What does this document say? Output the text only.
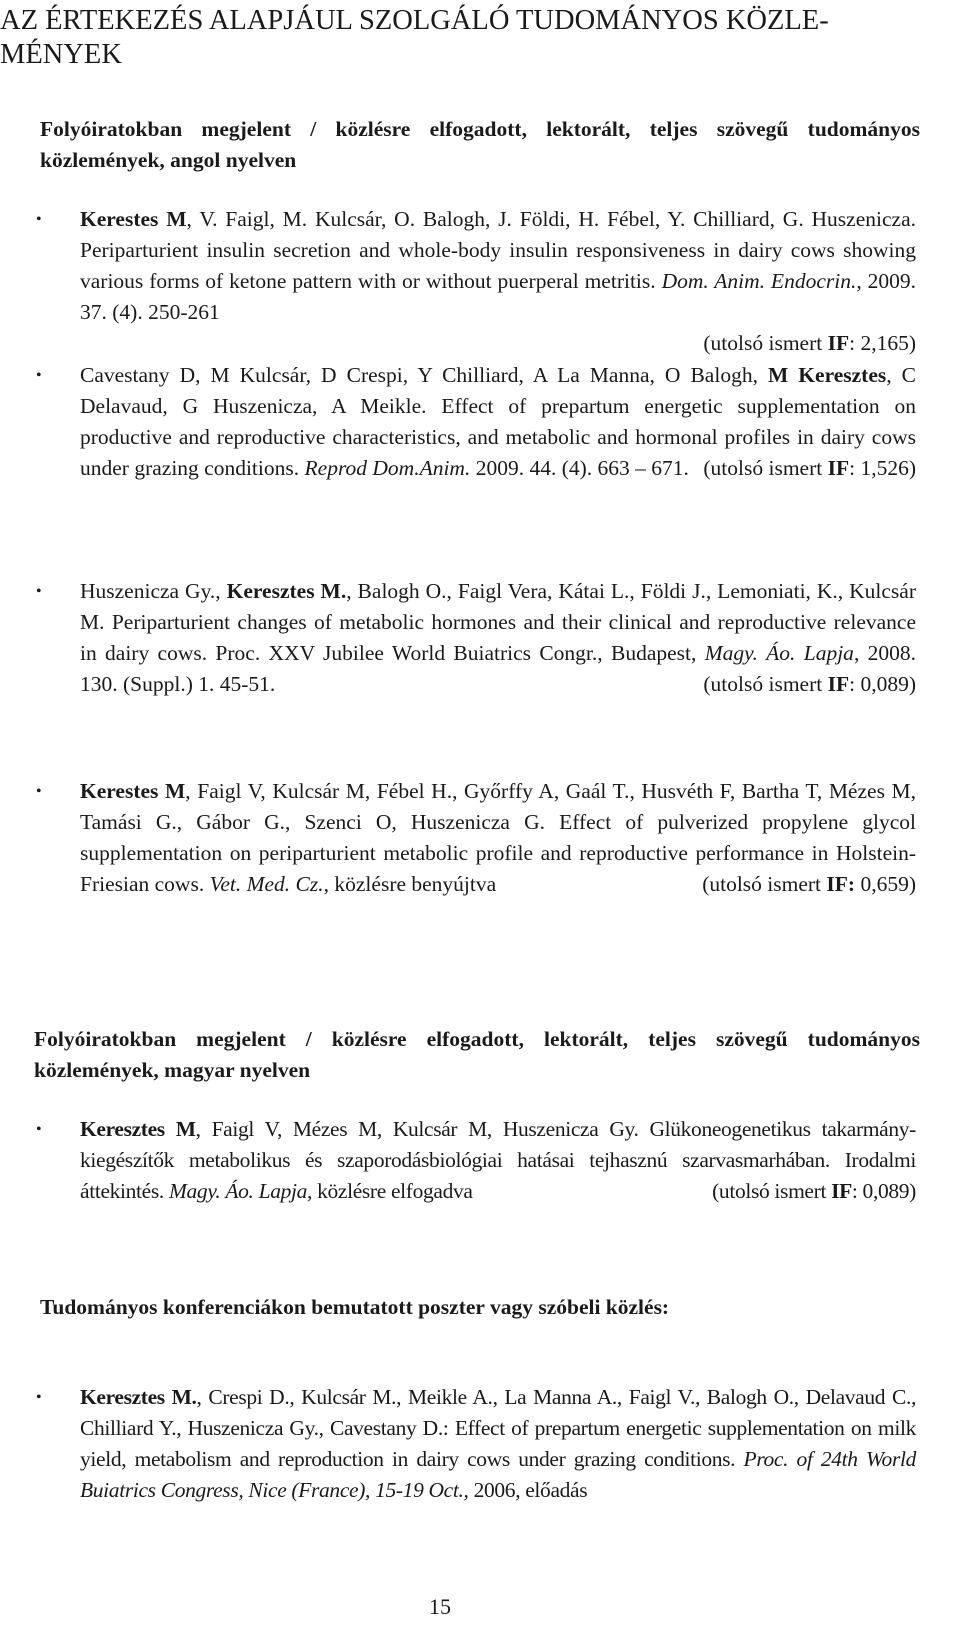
AZ ÉRTEKEZÉS ALAPJÁUL SZOLGÁLÓ TUDOMÁNYOS KÖZLE-MÉNYEK
Folyóiratokban megjelent / közlésre elfogadott, lektorált, teljes szövegű tudományos közlemények, angol nyelven
• Kerestes M, V. Faigl, M. Kulcsár, O. Balogh, J. Földi, H. Fébel, Y. Chilliard, G. Huszenicza. Periparturient insulin secretion and whole-body insulin responsiveness in dairy cows showing various forms of ketone pattern with or without puerperal metritis. Dom. Anim. Endocrin., 2009. 37. (4). 250-261
(utolsó ismert IF: 2,165)
• Cavestany D, M Kulcsár, D Crespi, Y Chilliard, A La Manna, O Balogh, M Keresztes, C Delavaud, G Huszenicza, A Meikle. Effect of prepartum energetic supplementation on productive and reproductive characteristics, and metabolic and hormonal profiles in dairy cows under grazing conditions. Reprod Dom.Anim. 2009. 44. (4). 663 – 671. (utolsó ismert IF: 1,526)
• Huszenicza Gy., Keresztes M., Balogh O., Faigl Vera, Kátai L., Földi J., Lemoniati, K., Kulcsár M. Periparturient changes of metabolic hormones and their clinical and reproductive relevance in dairy cows. Proc. XXV Jubilee World Buiatrics Congr., Budapest, Magy. Áo. Lapja, 2008. 130. (Suppl.) 1. 45-51.	(utolsó ismert IF: 0,089)
• Kerestes M, Faigl V, Kulcsár M, Fébel H., Győrffy A, Gaál T., Husvéth F, Bartha T, Mézes M, Tamási G., Gábor G., Szenci O, Huszenicza G. Effect of pulverized propylene glycol supplementation on periparturient metabolic profile and reproductive performance in Holstein-Friesian cows. Vet. Med. Cz., közlésre benyújtva	(utolsó ismert IF: 0,659)
Folyóiratokban megjelent / közlésre elfogadott, lektorált, teljes szövegű tudományos közlemények, magyar nyelven
• Keresztes M, Faigl V, Mézes M, Kulcsár M, Huszenicza Gy. Glükoneogenetikus takarmány-kiegészítők metabolikus és szaporodásbiológiai hatásai tejhasznú szarvasmarhában. Irodalmi áttekintés. Magy. Áo. Lapja, közlésre elfogadva	(utolsó ismert IF: 0,089)
Tudományos konferenciákon bemutatott poszter vagy szóbeli közlés:
• Keresztes M., Crespi D., Kulcsár M., Meikle A., La Manna A., Faigl V., Balogh O., Delavaud C., Chilliard Y., Huszenicza Gy., Cavestany D.: Effect of prepartum energetic supplementation on milk yield, metabolism and reproduction in dairy cows under grazing conditions. Proc. of 24th World Buiatrics Congress, Nice (France), 15-19 Oct., 2006, előadás
15
